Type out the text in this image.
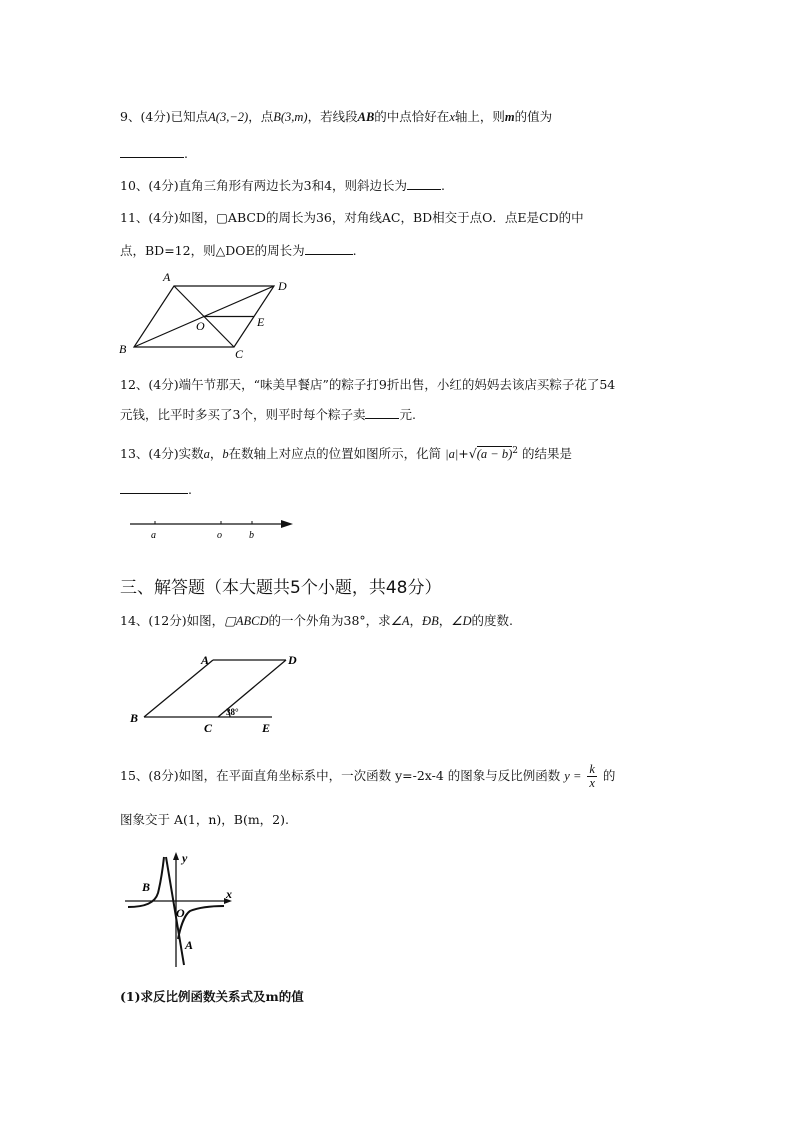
9、(4分)已知点A(3,−2)，点B(3,m)，若线段AB的中点恰好在x轴上，则m的值为
.
10、(4分)直角三角形有两边长为3和4，则斜边长为	.
11、(4分)如图，▢ABCD的周长为36，对角线AC，BD相交于点O．点E是CD的中
点，BD=12，则△DOE的周长为	.
A
D
B	C
E
O
12、(4分)端午节那天，“味美早餐店”的粽子打9折出售，小红的妈妈去该店买粽子花了54
元钱，比平时多买了3个，则平时每个粽子卖	元.
13、(4分)实数a，b在数轴上对应点的位置如图所示，化简 $|a|+√(a - b)^2$ 的结果是
.
a	o	b
三、解答题（本大题共5个小题，共48分）
14、(12分)如图，▢ABCD的一个外角为38°，求∠A，ÐB，∠D的度数.
A	D
B
C	E
38°
15、(8分)如图，在平面直角坐标系中，一次函数 y=-2x-4 的图象与反比例函数 $y = \frac{k}{x}$ 的
图象交于 A(1，n)，B(m，2).
y
x
O
B
A
(1)求反比例函数关系式及m的值
